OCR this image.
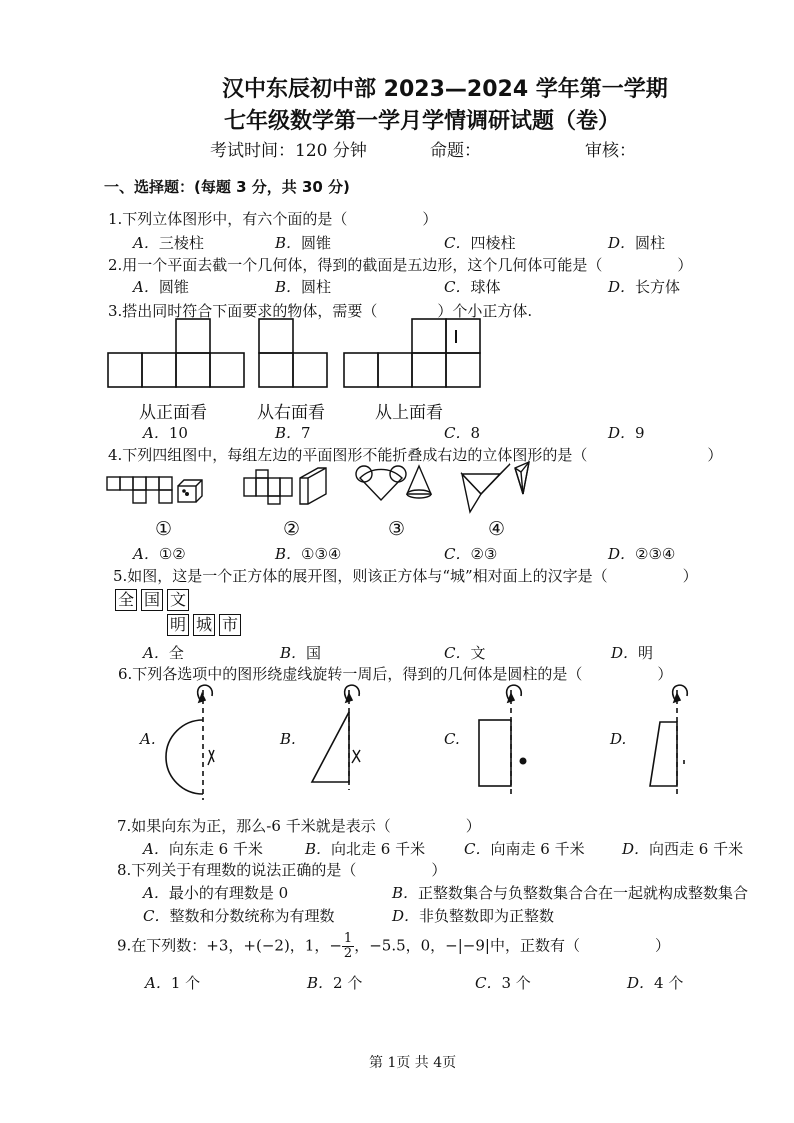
汉中东辰初中部 2023—2024 学年第一学期
七年级数学第一学月学情调研试题（卷）
考试时间：120 分钟	命题：	审核：
一、选择题：(每题 3 分，共 30 分)
1.下列立体图形中，有六个面的是（　　　　　）
A．三棱柱	B．圆锥	C．四棱柱	D．圆柱
2.用一个平面去截一个几何体，得到的截面是五边形，这个几何体可能是（　　　　　）
A．圆锥	B．圆柱	C．球体	D．长方体
3.搭出同时符合下面要求的物体，需要（　　　　）个小正方体.
从正面看	从右面看	从上面看
A．10	B．7	C．8	D．9
4.下列四组图中，每组左边的平面图形不能折叠成右边的立体图形的是（　　　　　　　　）
①	②	③	④
A．①②	B．①③④	C．②③	D．②③④
5.如图，这是一个正方体的展开图，则该正方体与“城”相对面上的汉字是（　　　　　）
全 国 文
明 城 市
A．全	B．国	C．文	D．明
6.下列各选项中的图形绕虚线旋转一周后，得到的几何体是圆柱的是（　　　　　）
A.	B.	C.	D.
7.如果向东为正，那么-6 千米就是表示（　　　　　）
A．向东走 6 千米	B．向北走 6 千米	C．向南走 6 千米 D．向西走 6 千米
8.下列关于有理数的说法正确的是（　　　　　）
A．最小的有理数是 0	B．正整数集合与负整数集合合在一起就构成整数集合
C．整数和分数统称为有理数	D．非负整数即为正整数
9.在下列数：+3，+(−2)，1，− $\frac{1}{2}$ ，−5.5，0，−|−9|中，正数有（　　　　　）
A．1 个	B．2 个	C．3 个	D．4 个
第 1页 共 4页
